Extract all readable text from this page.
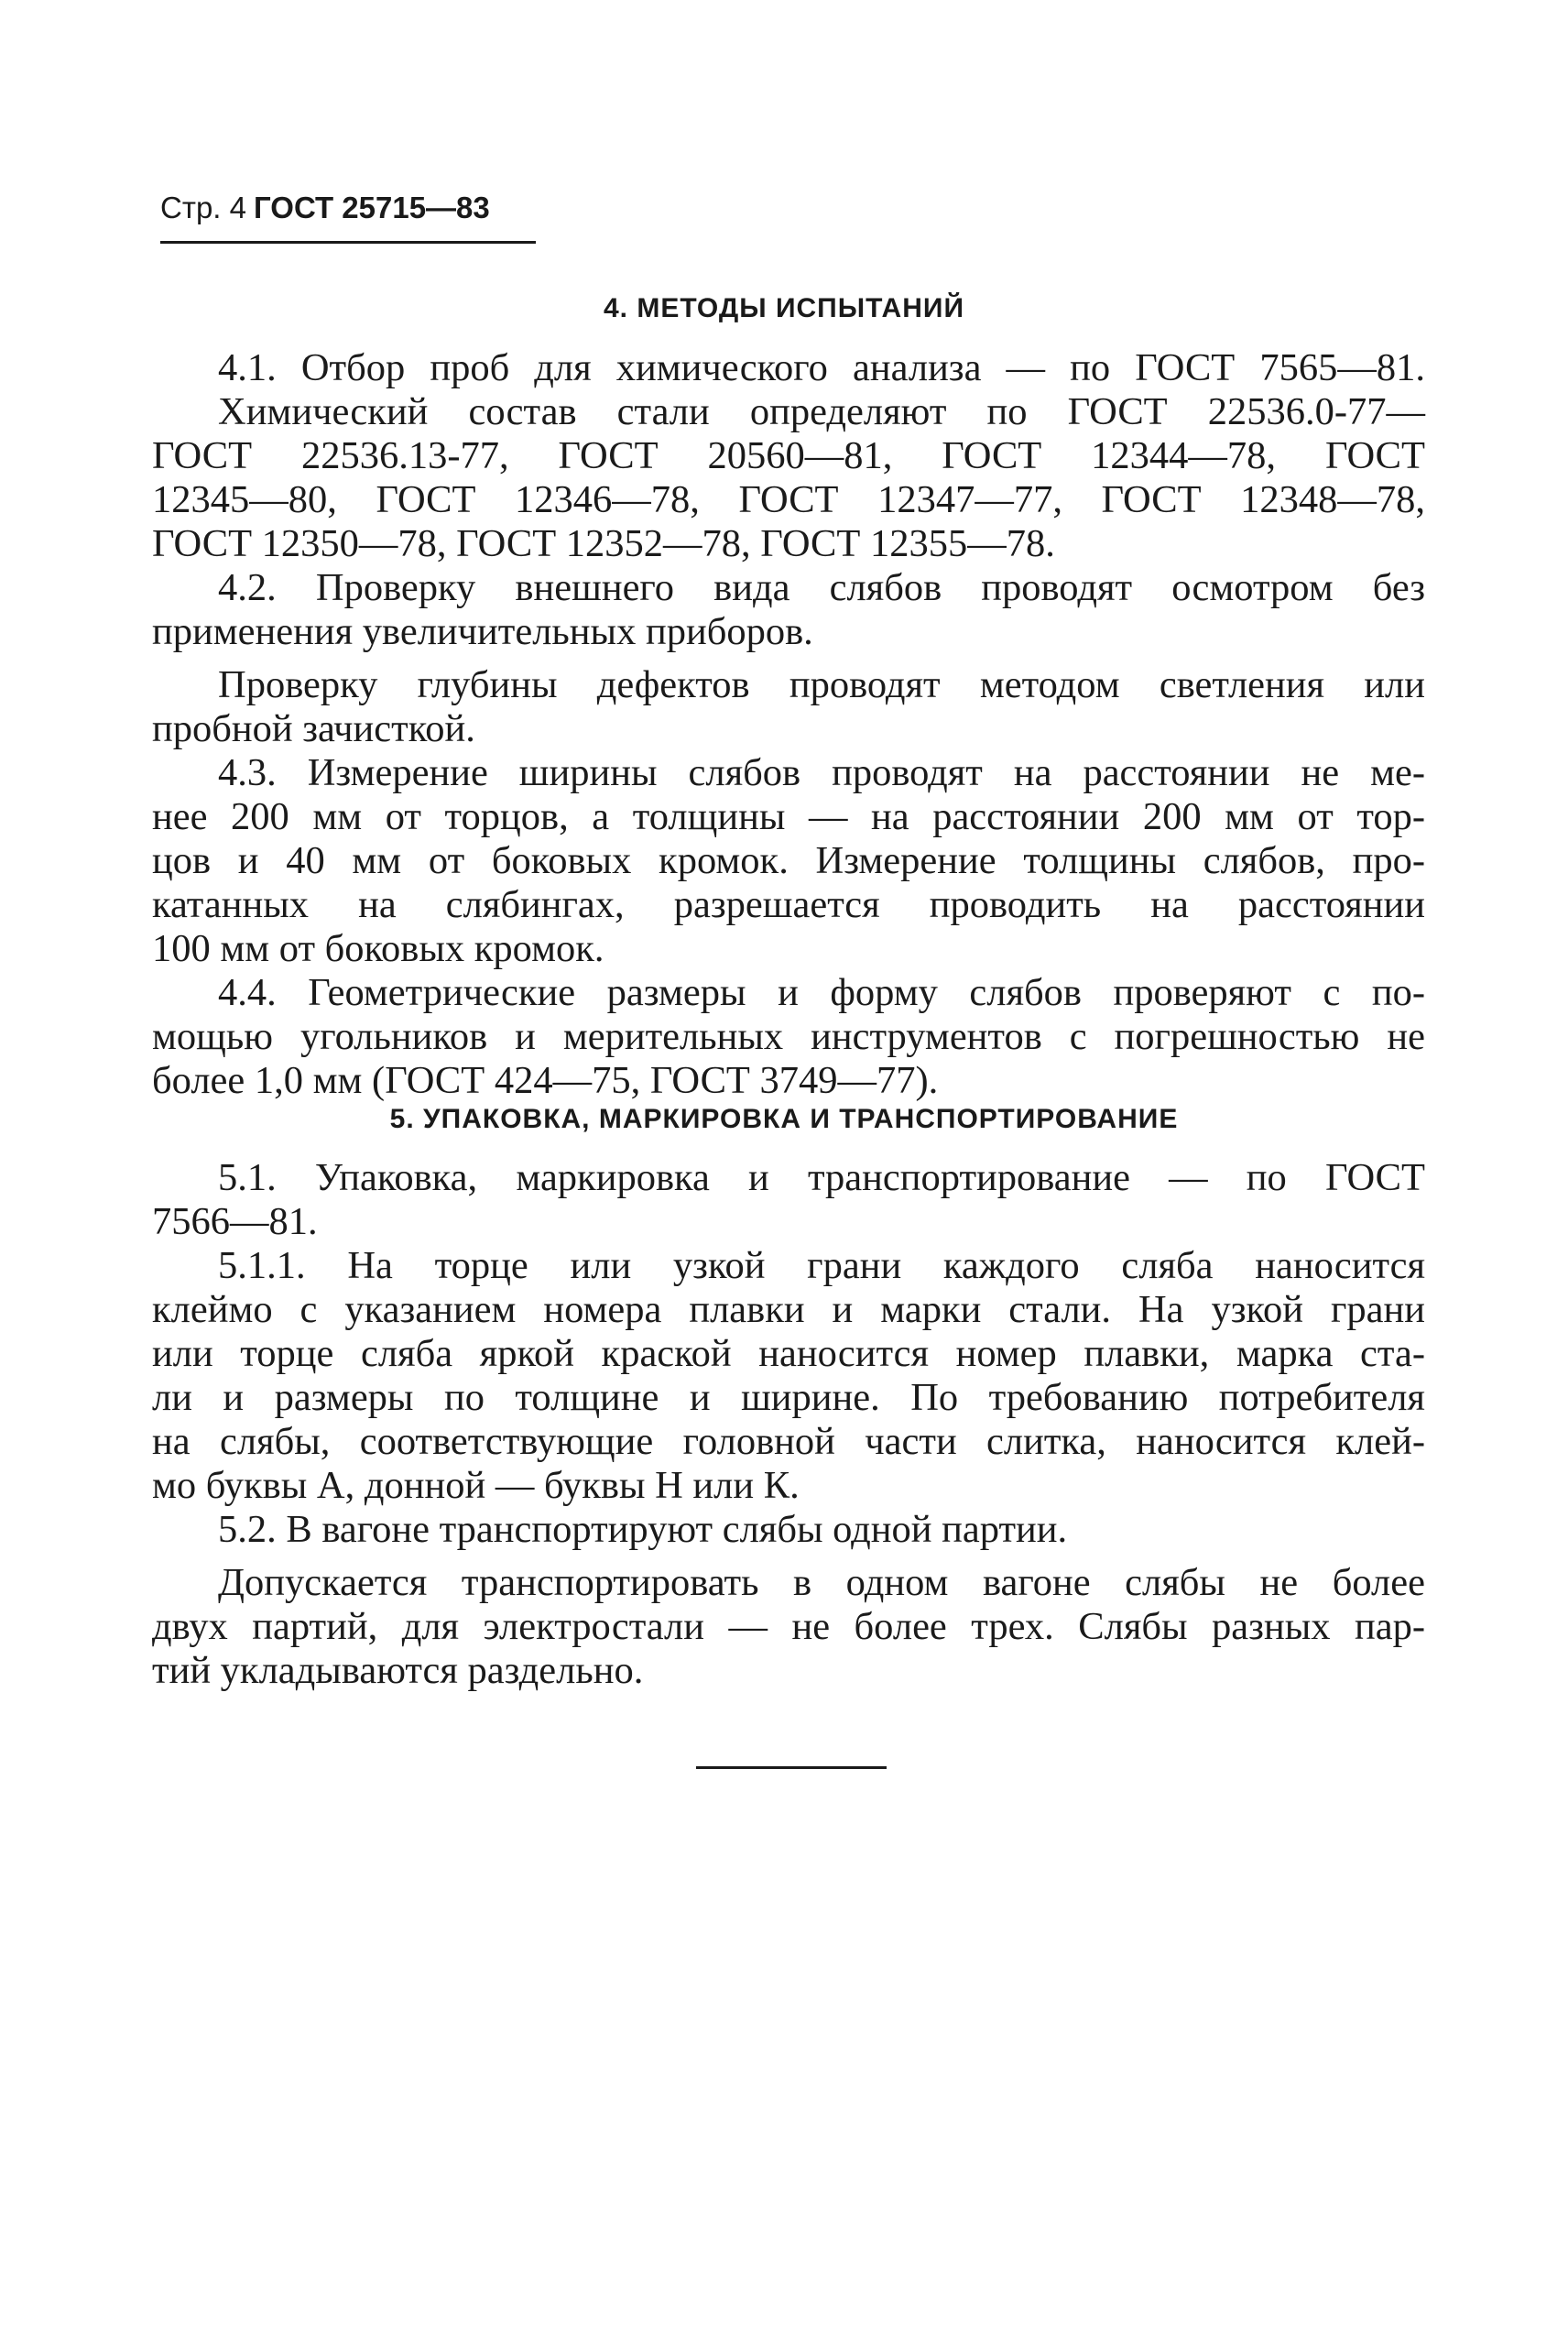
Стр. 4 ГОСТ 25715—83
4. МЕТОДЫ ИСПЫТАНИЙ

4.1. Отбор проб для химического анализа — по ГОСТ 7565—81.

Химический состав стали определяют по ГОСТ 22536.0-77—

ГОСТ 22536.13-77, ГОСТ 20560—81, ГОСТ 12344—78, ГОСТ

12345—80, ГОСТ 12346—78, ГОСТ 12347—77, ГОСТ 12348—78,

ГОСТ 12350—78, ГОСТ 12352—78, ГОСТ 12355—78.

4.2. Проверку внешнего вида слябов проводят осмотром без

применения увеличительных приборов.

Проверку глубины дефектов проводят методом светления или

пробной зачисткой.

4.3. Измерение ширины слябов проводят на расстоянии не ме-

нее 200 мм от торцов, а толщины — на расстоянии 200 мм от тор-

цов и 40 мм от боковых кромок. Измерение толщины слябов, про-

катанных на слябингах, разрешается проводить на расстоянии

100 мм от боковых кромок.

4.4. Геометрические размеры и форму слябов проверяют с по-

мощью угольников и мерительных инструментов с погрешностью не

более 1,0 мм (ГОСТ 424—75, ГОСТ 3749—77).

5. УПАКОВКА, МАРКИРОВКА И ТРАНСПОРТИРОВАНИЕ

5.1. Упаковка, маркировка и транспортирование — по ГОСТ

7566—81.

5.1.1. На торце или узкой грани каждого сляба наносится

клеймо с указанием номера плавки и марки стали. На узкой грани

или торце сляба яркой краской наносится номер плавки, марка ста-

ли и размеры по толщине и ширине. По требованию потребителя

на слябы, соответствующие головной части слитка, наносится клей-

мо буквы А, донной — буквы Н или К.

5.2. В вагоне транспортируют слябы одной партии.

Допускается транспортировать в одном вагоне слябы не более

двух партий, для электростали — не более трех. Слябы разных пар-

тий укладываются раздельно.
